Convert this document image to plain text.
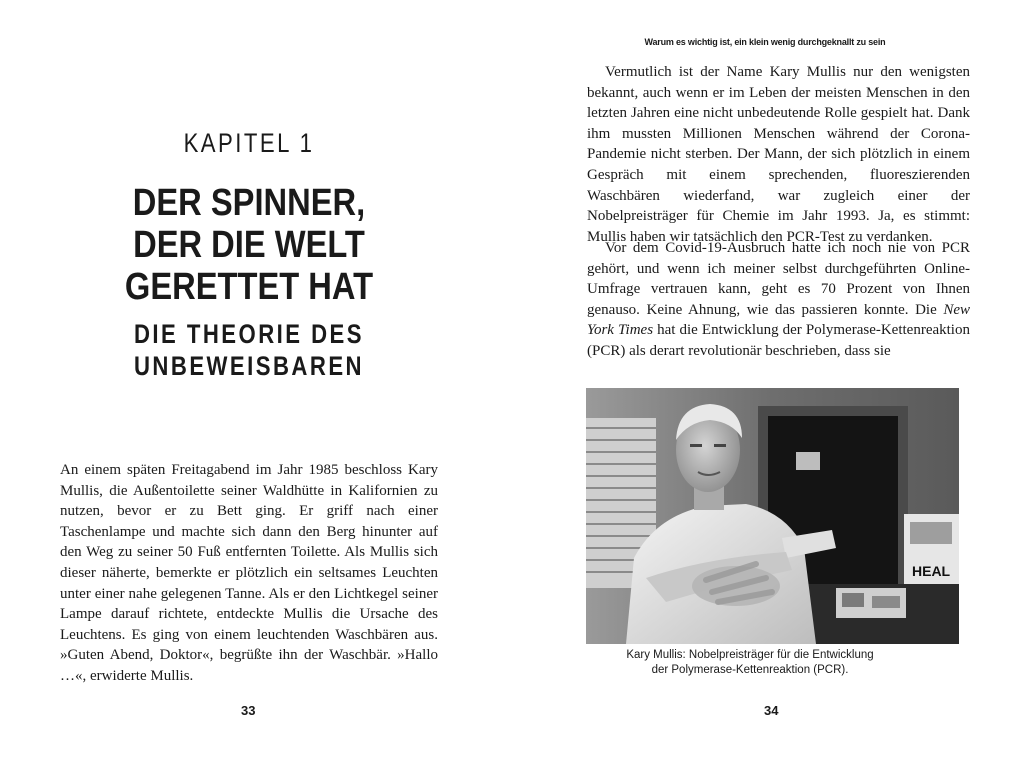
KAPITEL 1
DER SPINNER,
DER DIE WELT
GERETTET HAT
DIE THEORIE DES
UNBEWEISBAREN

An einem späten Freitagabend im Jahr 1985 beschloss Kary Mullis, die Außentoilette seiner Waldhütte in Kalifornien zu nutzen, bevor er zu Bett ging. Er griff nach einer Taschenlampe und machte sich dann den Berg hinunter auf den Weg zu seiner 50 Fuß entfernten Toilette. Als Mullis sich dieser näherte, bemerkte er plötzlich ein seltsames Leuchten unter einer nahe gelegenen Tanne. Als er den Lichtkegel seiner Lampe darauf richtete, entdeckte Mullis die Ursache des Leuchtens. Es ging von einem leuchtenden Waschbären aus. »Guten Abend, Doktor«, begrüßte ihn der Waschbär. »Hallo …«, erwiderte Mullis.

33
Warum es wichtig ist, ein klein wenig durchgeknallt zu sein

Vermutlich ist der Name Kary Mullis nur den wenigsten bekannt, auch wenn er im Leben der meisten Menschen in den letzten Jahren eine nicht unbedeutende Rolle gespielt hat. Dank ihm mussten Millionen Menschen während der Corona-Pandemie nicht sterben. Der Mann, der sich plötzlich in einem Gespräch mit einem sprechenden, fluoreszierenden Waschbären wiederfand, war zugleich einer der Nobelpreisträger für Chemie im Jahr 1993. Ja, es stimmt: Mullis haben wir tatsächlich den PCR-Test zu verdanken.

Vor dem Covid-19-Ausbruch hatte ich noch nie von PCR gehört, und wenn ich meiner selbst durchgeführten Online-Umfrage vertrauen kann, geht es 70 Prozent von Ihnen genauso. Keine Ahnung, wie das passieren konnte. Die New York Times hat die Entwicklung der Polymerase-Kettenreaktion (PCR) als derart revolutionär beschrieben, dass sie

HEAL
Kary Mullis: Nobelpreisträger für die Entwicklung
der Polymerase-Kettenreaktion (PCR).
34
